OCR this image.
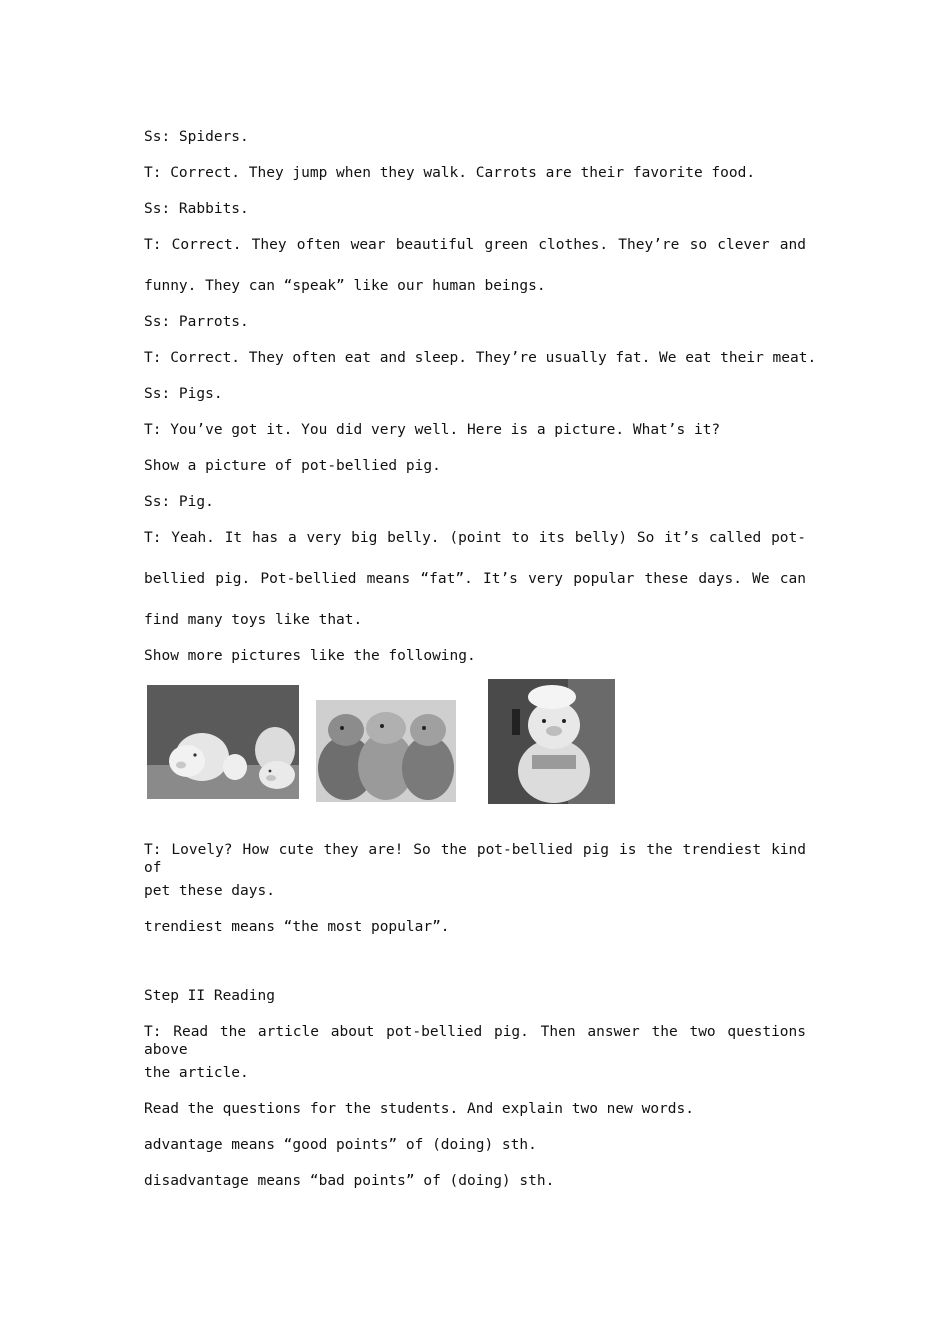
Ss: Spiders.
T: Correct. They jump when they walk. Carrots are their favorite food.
Ss: Rabbits.
T: Correct. They often wear beautiful green clothes. They’re so clever and
funny. They can “speak” like our human beings.
Ss: Parrots.
T: Correct. They often eat and sleep. They’re usually fat. We eat their meat.
Ss: Pigs.
T: You’ve got it. You did very well. Here is a picture. What’s it?
Show a picture of pot-bellied pig.
Ss: Pig.
T: Yeah. It has a very big belly. (point to its belly) So it’s called pot-
bellied pig. Pot-bellied means “fat”. It’s very popular these days. We can
find many toys like that.
Show more pictures like the following.
T: Lovely? How cute they are! So the pot-bellied pig is the trendiest kind of
pet these days.
trendiest means “the most popular”.
Step II Reading
T: Read the article about pot-bellied pig. Then answer the two questions above
the article.
Read the questions for the students. And explain two new words.
advantage means “good points” of (doing) sth.
disadvantage means “bad points” of (doing) sth.
